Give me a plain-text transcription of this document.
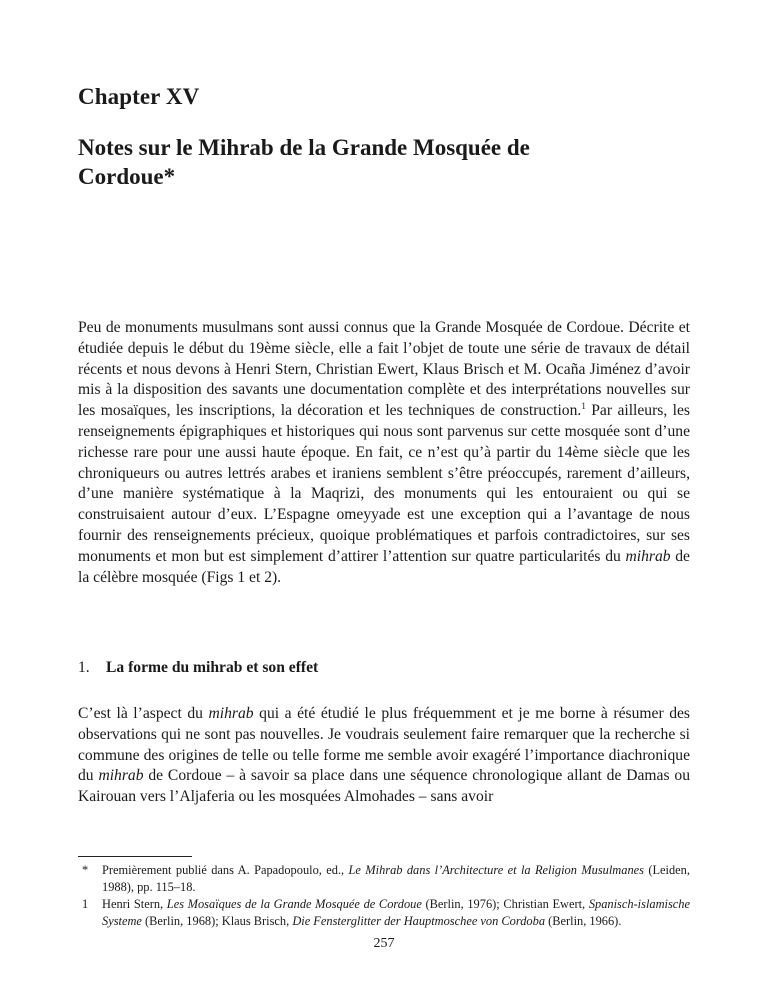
Chapter XV
Notes sur le Mihrab de la Grande Mosquée de Cordoue*

Peu de monuments musulmans sont aussi connus que la Grande Mosquée de Cordoue. Décrite et étudiée depuis le début du 19ème siècle, elle a fait l’objet de toute une série de travaux de détail récents et nous devons à Henri Stern, Christian Ewert, Klaus Brisch et M. Ocaña Jiménez d’avoir mis à la disposition des savants une documentation complète et des interprétations nouvelles sur les mosaïques, les inscriptions, la décoration et les techniques de construction.$^1$ Par ailleurs, les renseignements épigraphiques et historiques qui nous sont parvenus sur cette mosquée sont d’une richesse rare pour une aussi haute époque. En fait, ce n’est qu’à partir du 14ème siècle que les chroniqueurs ou autres lettrés arabes et iraniens semblent s’être préoccupés, rarement d’ailleurs, d’une manière systématique à la Maqrizi, des monuments qui les entouraient ou qui se construisaient autour d’eux. L’Espagne omeyyade est une exception qui a l’avantage de nous fournir des renseignements précieux, quoique problématiques et parfois contradictoires, sur ses monuments et mon but est simplement d’attirer l’attention sur quatre particularités du mihrab de la célèbre mosquée (Figs 1 et 2).

1. La forme du mihrab et son effet

C’est là l’aspect du mihrab qui a été étudié le plus fréquemment et je me borne à résumer des observations qui ne sont pas nouvelles. Je voudrais seulement faire remarquer que la recherche si commune des origines de telle ou telle forme me semble avoir exagéré l’importance diachronique du mihrab de Cordoue – à savoir sa place dans une séquence chronologique allant de Damas ou Kairouan vers l’Aljaferia ou les mosquées Almohades – sans avoir

* Premièrement publié dans A. Papadopoulo, ed., Le Mihrab dans l’Architecture et la Religion Musulmanes (Leiden, 1988), pp. 115–18.

1 Henri Stern, Les Mosaïques de la Grande Mosquée de Cordoue (Berlin, 1976); Christian Ewert, Spanisch-islamische Systeme (Berlin, 1968); Klaus Brisch, Die Fensterglitter der Hauptmoschee von Cordoba (Berlin, 1966).

257
